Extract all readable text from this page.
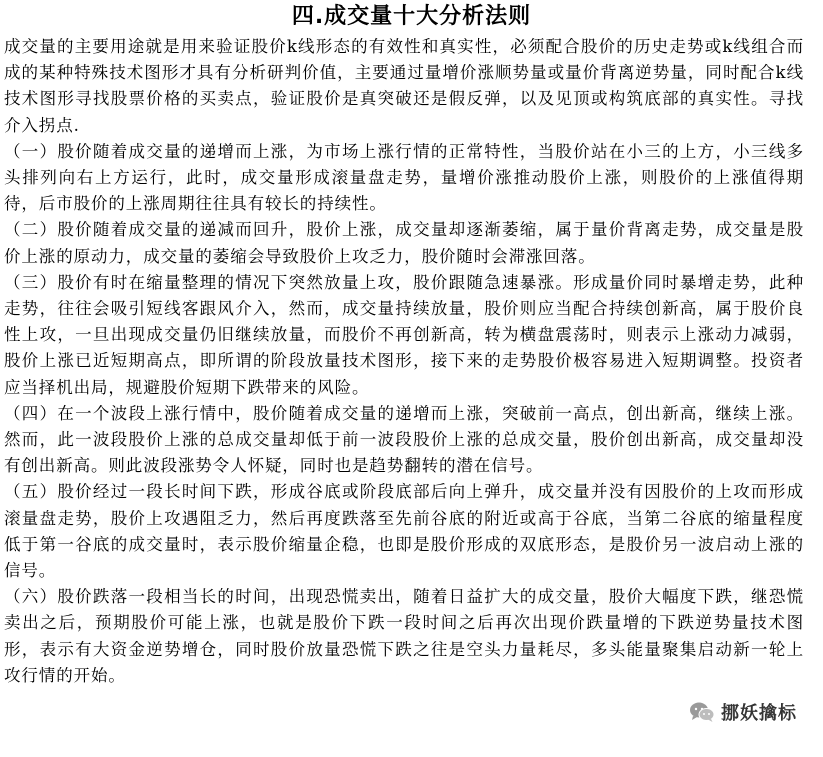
四.成交量十大分析法则

成交量的主要用途就是用来验证股价k线形态的有效性和真实性，必须配合股价的历史走势或k线组合而成的某种特殊技术图形才具有分析研判价值，主要通过量增价涨顺势量或量价背离逆势量，同时配合k线技术图形寻找股票价格的买卖点，验证股价是真突破还是假反弹，以及见顶或构筑底部的真实性。寻找介入拐点.

（一）股价随着成交量的递增而上涨，为市场上涨行情的正常特性，当股价站在小三的上方，小三线多头排列向右上方运行，此时，成交量形成滚量盘走势，量增价涨推动股价上涨，则股价的上涨值得期待，后市股价的上涨周期往往具有较长的持续性。

（二）股价随着成交量的递减而回升，股价上涨，成交量却逐渐萎缩，属于量价背离走势，成交量是股价上涨的原动力，成交量的萎缩会导致股价上攻乏力，股价随时会滞涨回落。

（三）股价有时在缩量整理的情况下突然放量上攻，股价跟随急速暴涨。形成量价同时暴增走势，此种走势，往往会吸引短线客跟风介入，然而，成交量持续放量，股价则应当配合持续创新高，属于股价良性上攻，一旦出现成交量仍旧继续放量，而股价不再创新高，转为横盘震荡时，则表示上涨动力减弱，股价上涨已近短期高点，即所谓的阶段放量技术图形，接下来的走势股价极容易进入短期调整。投资者应当择机出局，规避股价短期下跌带来的风险。

（四）在一个波段上涨行情中，股价随着成交量的递增而上涨，突破前一高点，创出新高，继续上涨。然而，此一波段股价上涨的总成交量却低于前一波段股价上涨的总成交量，股价创出新高，成交量却没有创出新高。则此波段涨势令人怀疑，同时也是趋势翻转的潜在信号。

（五）股价经过一段长时间下跌，形成谷底或阶段底部后向上弹升，成交量并没有因股价的上攻而形成滚量盘走势，股价上攻遇阻乏力，然后再度跌落至先前谷底的附近或高于谷底，当第二谷底的缩量程度低于第一谷底的成交量时，表示股价缩量企稳，也即是股价形成的双底形态，是股价另一波启动上涨的信号。

（六）股价跌落一段相当长的时间，出现恐慌卖出，随着日益扩大的成交量，股价大幅度下跌，继恐慌卖出之后，预期股价可能上涨，也就是股价下跌一段时间之后再次出现价跌量增的下跌逆势量技术图形，表示有大资金逆势增仓，同时股价放量恐慌下跌之往是空头力量耗尽，多头能量聚集启动新一轮上攻行情的开始。

挪妖擒标
